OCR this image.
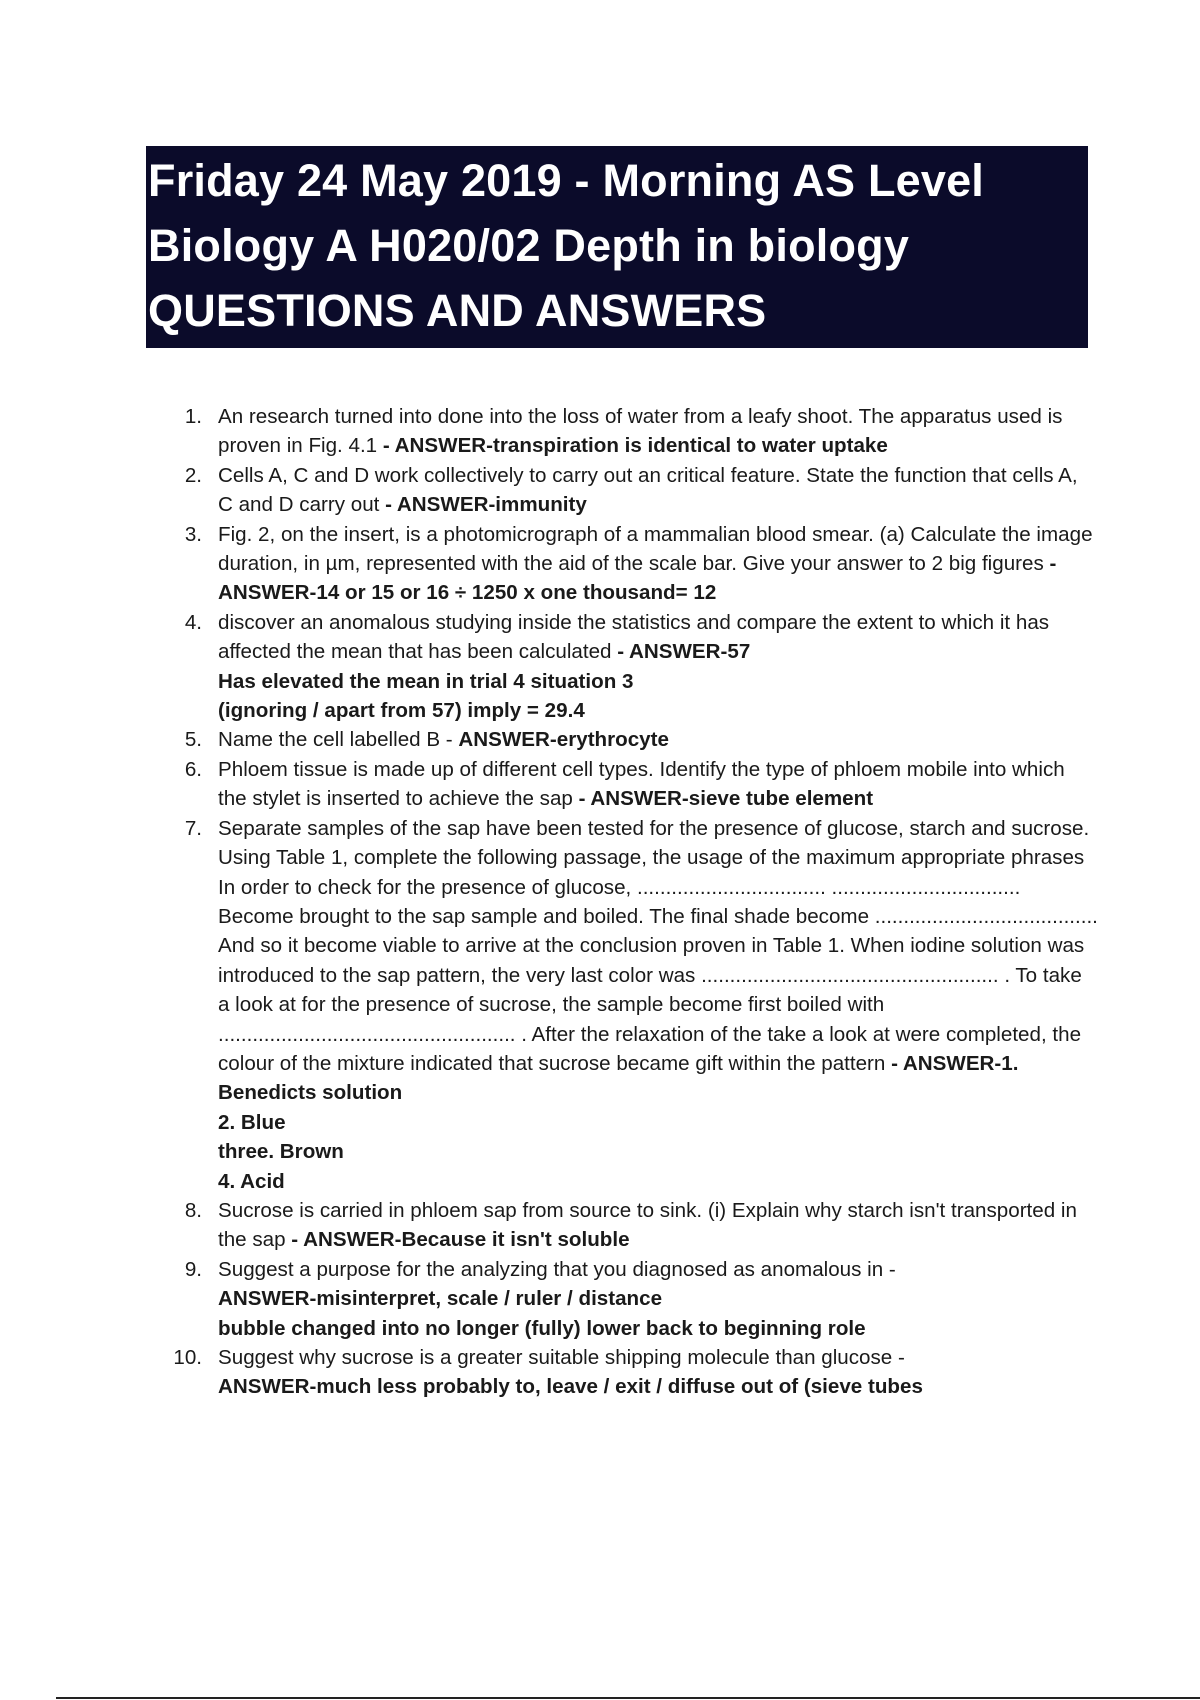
Friday 24 May 2019 - Morning AS Level
Biology A H020/02 Depth in biology
QUESTIONS AND ANSWERS
1. An research turned into done into the loss of water from a leafy shoot. The apparatus used is proven in Fig. 4.1 - ANSWER-transpiration is identical to water uptake
2. Cells A, C and D work collectively to carry out an critical feature. State the function that cells A, C and D carry out - ANSWER-immunity
3. Fig. 2, on the insert, is a photomicrograph of a mammalian blood smear. (a) Calculate the image duration, in µm, represented with the aid of the scale bar. Give your answer to 2 big figures - ANSWER-14 or 15 or 16 ÷ 1250 x one thousand= 12
4. discover an anomalous studying inside the statistics and compare the extent to which it has affected the mean that has been calculated - ANSWER-57
Has elevated the mean in trial 4 situation 3
(ignoring / apart from 57) imply = 29.4
5. Name the cell labelled B - ANSWER-erythrocyte
6. Phloem tissue is made up of different cell types. Identify the type of phloem mobile into which the stylet is inserted to achieve the sap - ANSWER-sieve tube element
7. Separate samples of the sap have been tested for the presence of glucose, starch and sucrose. Using Table 1, complete the following passage, the usage of the maximum appropriate phrases
In order to check for the presence of glucose, ................................. .................................
Become brought to the sap sample and boiled. The final shade become ....................................... And so it become viable to arrive at the conclusion proven in Table 1. When iodine solution was introduced to the sap pattern, the very last color was .................................................... . To take a look at for the presence of sucrose, the sample become first boiled with .................................................... . After the relaxation of the take a look at were completed, the colour of the mixture indicated that sucrose became gift within the pattern - ANSWER-1. Benedicts solution
2. Blue
three. Brown
4. Acid
8. Sucrose is carried in phloem sap from source to sink. (i) Explain why starch isn't transported in the sap - ANSWER-Because it isn't soluble
9. Suggest a purpose for the analyzing that you diagnosed as anomalous in -
ANSWER-misinterpret, scale / ruler / distance
bubble changed into no longer (fully) lower back to beginning role
10. Suggest why sucrose is a greater suitable shipping molecule than glucose -
ANSWER-much less probably to, leave / exit / diffuse out of (sieve tubes
